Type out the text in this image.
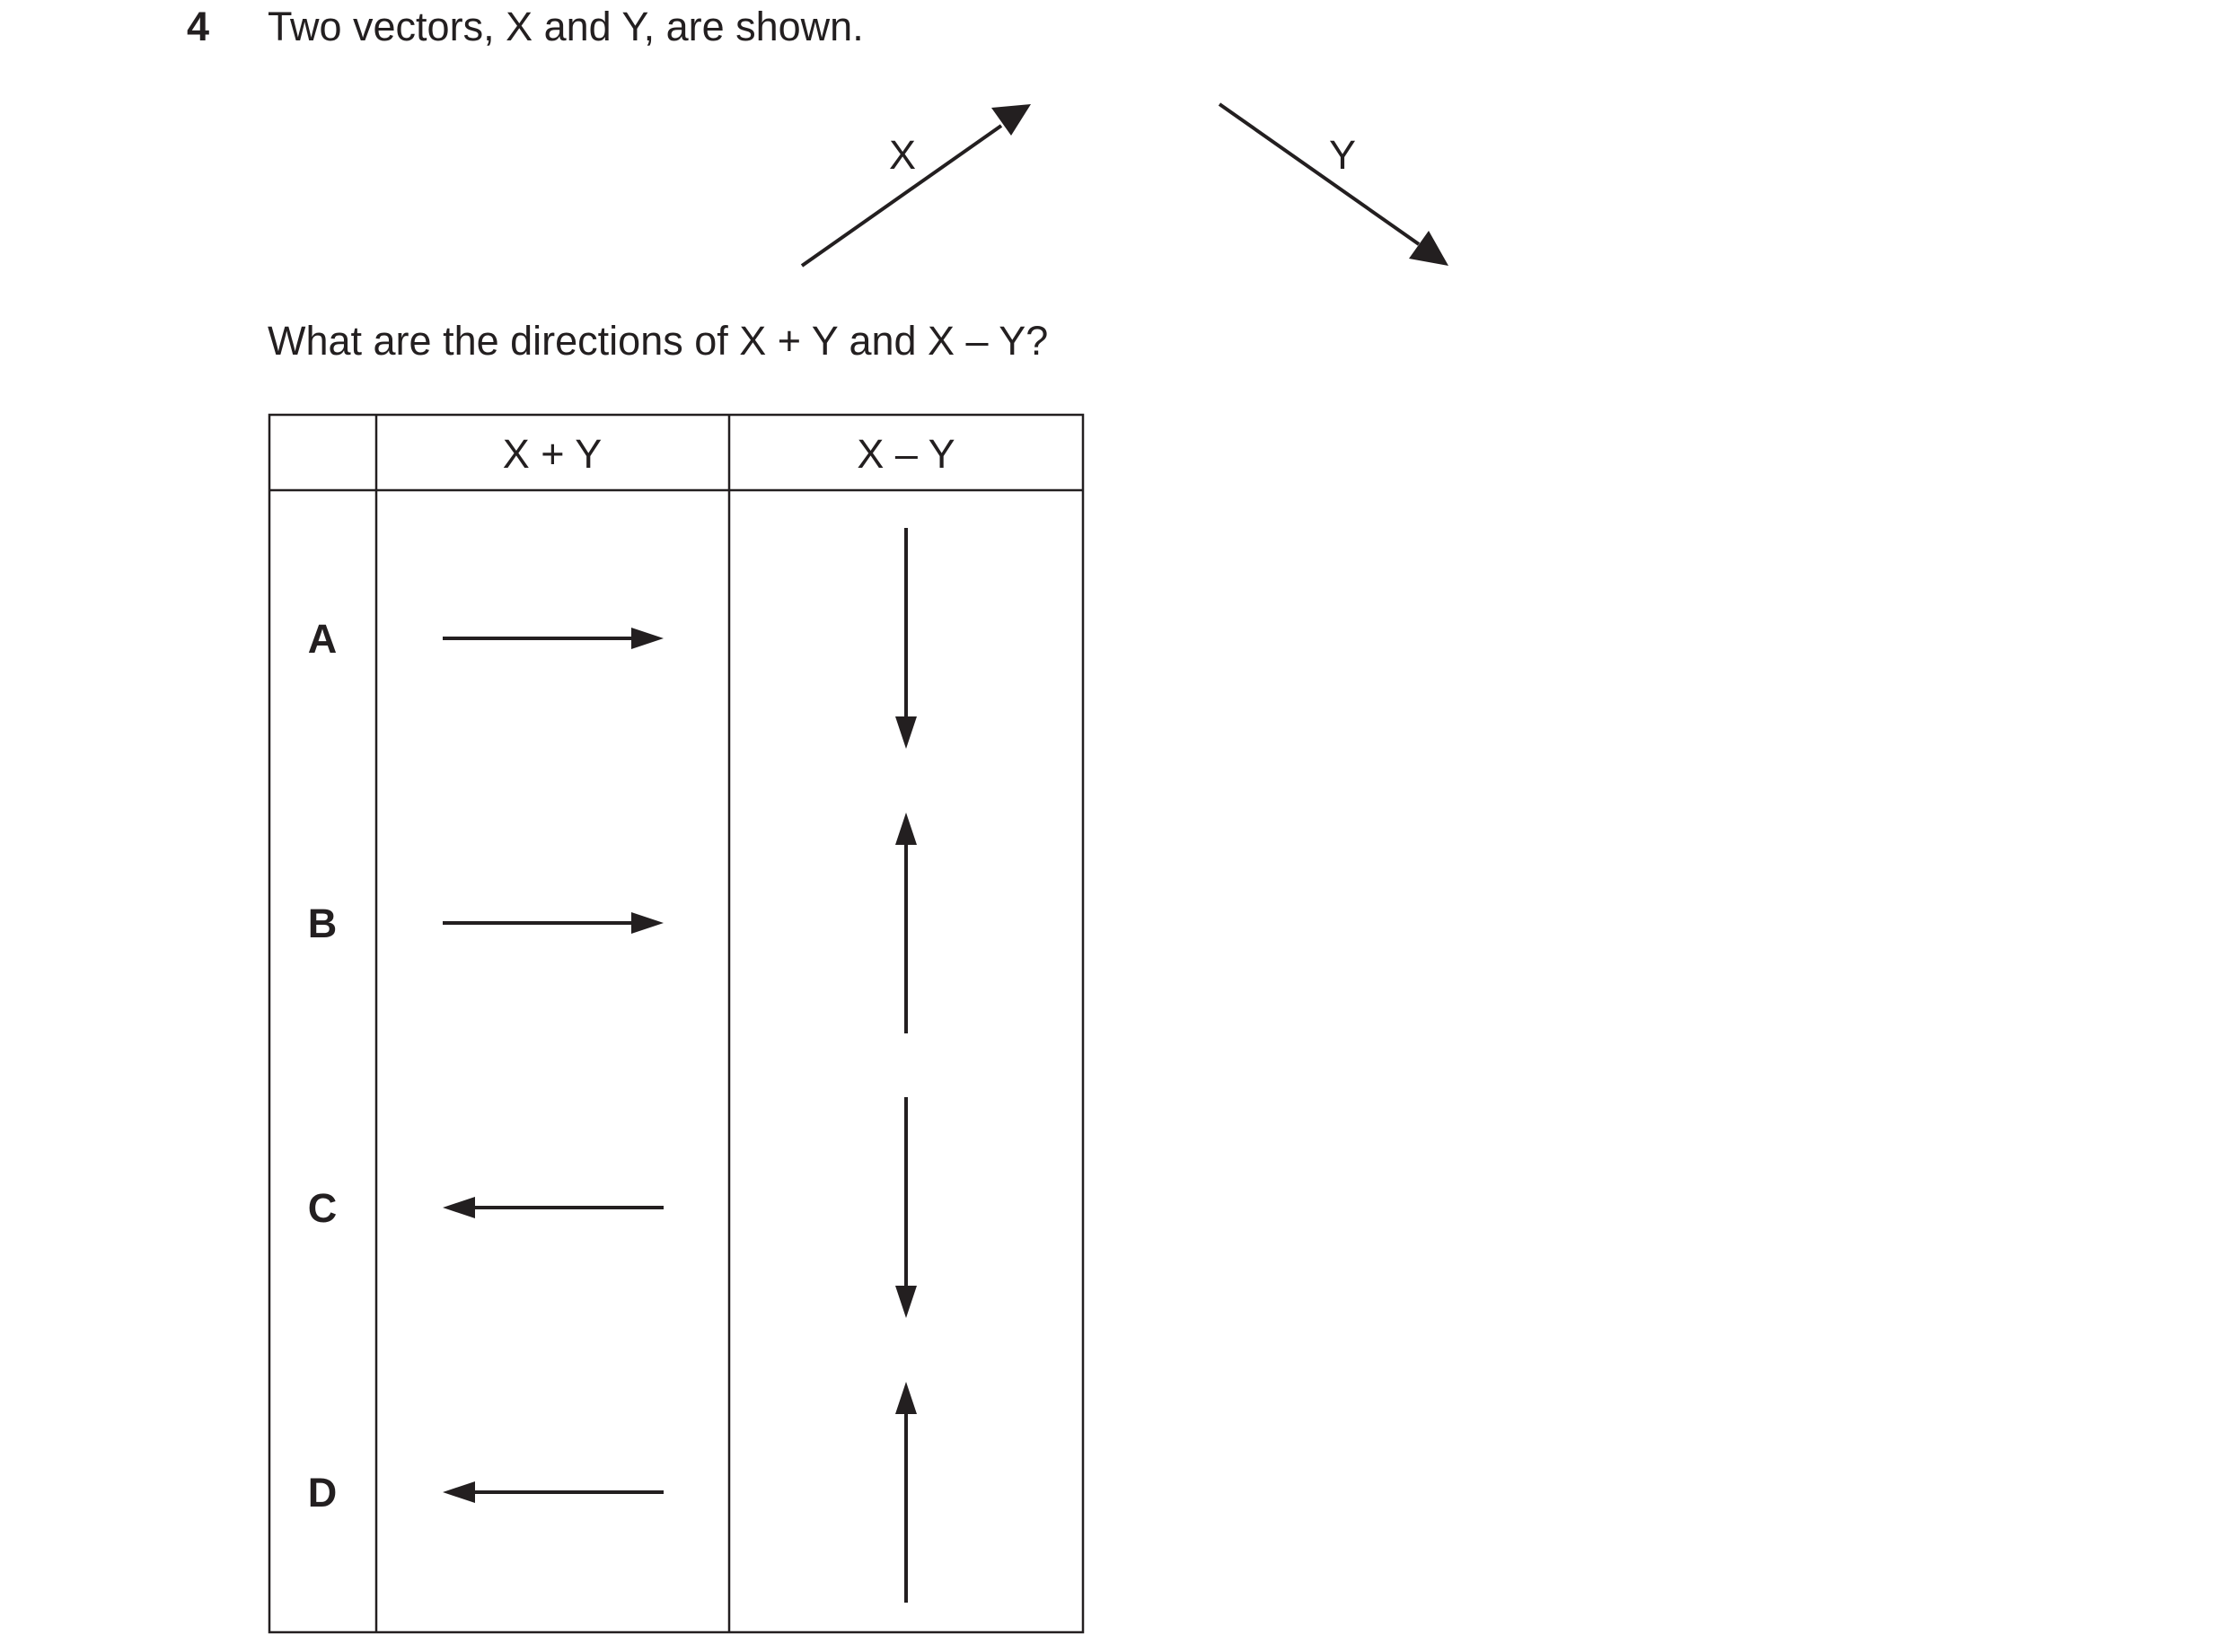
4 Two vectors, X and Y, are shown.
What are the directions of X + Y and X – Y?
X	Y
X + Y	X – Y
A
B
C
D
